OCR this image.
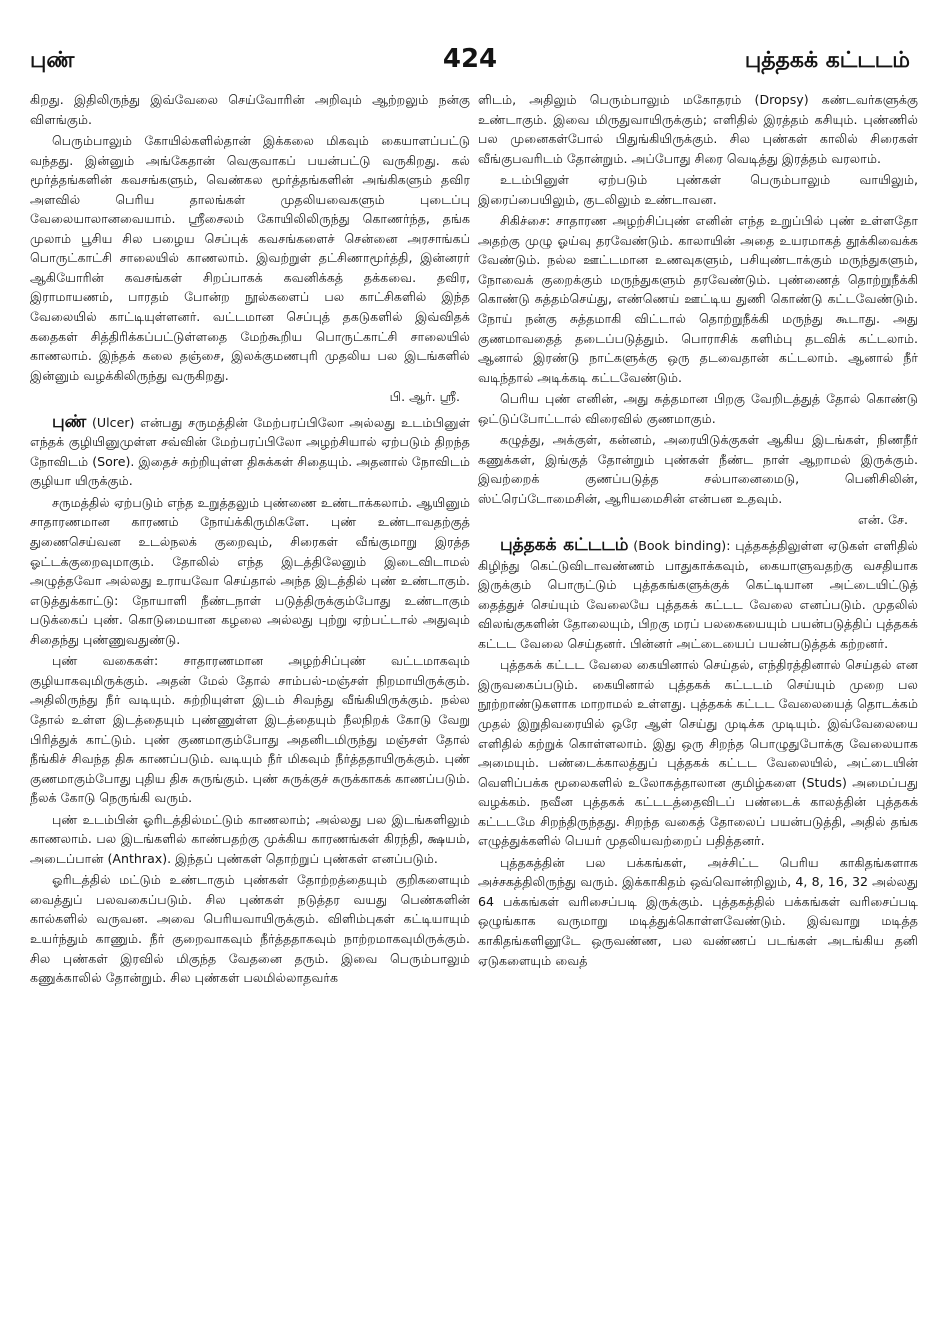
புண்	424	புத்தகக் கட்டடம்

கிறது. இதிலிருந்து இவ்வேலை செய்வோரின் அறிவும் ஆற்றலும் நன்கு விளங்கும்.

பெரும்பாலும் கோயில்களில்தான் இக்கலை மிகவும் கையாளப்பட்டு வந்தது. இன்னும் அங்கேதான் வெகுவாகப் பயன்பட்டு வருகிறது. கல் மூர்த்தங்களின் கவசங்களும், வெண்கல மூர்த்தங்களின் அங்கிகளும் தவிர அளவில் பெரிய தாலங்கள் முதலியவைகளும் புடைப்பு வேலையாலானவையாம். ஸ்ரீசைலம் கோயிலிலிருந்து கொணர்ந்த, தங்க முலாம் பூசிய சில பழைய செப்புக் கவசங்களைச் சென்னை அரசாங்கப் பொருட்காட்சி சாலையில் காணலாம். இவற்றுள் தட்சிணாமூர்த்தி, இன்னரர் ஆகியோரின் கவசங்கள் சிறப்பாகக் கவனிக்கத் தக்கவை. தவிர, இராமாயணம், பாரதம் போன்ற நூல்களைப் பல காட்சிகளில் இந்த வேலையில் காட்டியுள்ளனர். வட்டமான செப்புத் தகடுகளில் இவ்விதக் கதைகள் சித்திரிக்கப்பட்டுள்ளதை மேற்கூறிய பொருட்காட்சி சாலையில் காணலாம். இந்தக் கலை தஞ்சை, இலக்குமணபுரி முதலிய பல இடங்களில் இன்னும் வழக்கிலிருந்து வருகிறது.

பி. ஆர். ஸ்ரீ.

புண் (Ulcer) என்பது சருமத்தின் மேற்பரப்பிலோ அல்லது உடம்பினுள் எந்தக் குழியினுமுள்ள சவ்வின் மேற்பரப்பிலோ அழற்சியால் ஏற்படும் திறந்த நோவிடம் (Sore). இதைச் சுற்றியுள்ள திசுக்கள் சிதையும். அதனால் நோவிடம் குழியா யிருக்கும்.

சருமத்தில் ஏற்படும் எந்த உறுத்தலும் புண்ணை உண்டாக்கலாம். ஆயினும் சாதாரணமான காரணம் நோய்க்கிருமிகளே. புண் உண்டாவதற்குத் துணைசெய்வன உடல்நலக் குறைவும், சிரைகள் வீங்குமாறு இரத்த ஓட்டக்குறைவுமாகும். தோலில் எந்த இடத்திலேனும் இடைவிடாமல் அழுத்தவோ அல்லது உராயவோ செய்தால் அந்த இடத்தில் புண் உண்டாகும். எடுத்துக்காட்டு: நோயாளி நீண்டநாள் படுத்திருக்கும்போது உண்டாகும் படுக்கைப் புண். கொடுமையான கழலை அல்லது புற்று ஏற்பட்டால் அதுவும் சிதைந்து புண்ணுவதுண்டு.

புண் வகைகள்: சாதாரணமான அழற்சிப்புண் வட்டமாகவும் குழியாகவுமிருக்கும். அதன் மேல் தோல் சாம்பல்-மஞ்சள் நிறமாயிருக்கும். அதிலிருந்து நீர் வடியும். சுற்றியுள்ள இடம் சிவந்து வீங்கியிருக்கும். நல்ல தோல் உள்ள இடத்தையும் புண்ணுள்ள இடத்தையும் நீலநிறக் கோடு வேறு பிரித்துக் காட்டும். புண் குணமாகும்போது அதனிடமிருந்து மஞ்சள் தோல் நீங்கிச் சிவந்த திசு காணப்படும். வடியும் நீர் மிகவும் நீர்த்ததாயிருக்கும். புண் குணமாகும்போது புதிய திசு சுருங்கும். புண் சுருக்குச் சுருக்காகக் காணப்படும். நீலக் கோடு நெருங்கி வரும்.

புண் உடம்பின் ஓரிடத்தில்மட்டும் காணலாம்; அல்லது பல இடங்களிலும் காணலாம். பல இடங்களில் காண்பதற்கு முக்கிய காரணங்கள் கிரந்தி, க்ஷயம், அடைப்பான் (Anthrax). இந்தப் புண்கள் தொற்றுப் புண்கள் எனப்படும்.

ஓரிடத்தில் மட்டும் உண்டாகும் புண்கள் தோற்றத்தையும் குறிகளையும் வைத்துப் பலவகைப்படும். சில புண்கள் நடுத்தர வயது பெண்களின் கால்களில் வருவன. அவை பெரியவாயிருக்கும். விளிம்புகள் கட்டியாயும் உயர்ந்தும் காணும். நீர் குறைவாகவும் நீர்த்ததாகவும் நாற்றமாகவுமிருக்கும். சில புண்கள் இரவில் மிகுந்த வேதனை தரும். இவை பெரும்பாலும் கணுக்காலில் தோன்றும். சில புண்கள் பலமில்லாதவர்க

ளிடம், அதிலும் பெரும்பாலும் மகோதரம் (Dropsy) கண்டவர்களுக்கு உண்டாகும். இவை மிருதுவாயிருக்கும்; எளிதில் இரத்தம் கசியும். புண்ணில் பல முனைகள்போல் பிதுங்கியிருக்கும். சில புண்கள் காலில் சிரைகள் வீங்குபவரிடம் தோன்றும். அப்போது சிரை வெடித்து இரத்தம் வரலாம்.

உடம்பினுள் ஏற்படும் புண்கள் பெரும்பாலும் வாயிலும், இரைப்பையிலும், குடலிலும் உண்டாவன.

சிகிச்சை: சாதாரண அழற்சிப்புண் எனின் எந்த உறுப்பில் புண் உள்ளதோ அதற்கு முழு ஓய்வு தரவேண்டும். காலாயின் அதை உயரமாகத் தூக்கிவைக்க வேண்டும். நல்ல ஊட்டமான உணவுகளும், பசியுண்டாக்கும் மருந்துகளும், நோவைக் குறைக்கும் மருந்துகளும் தரவேண்டும். புண்ணைத் தொற்றுநீக்கி கொண்டு சுத்தம்செய்து, எண்ணெய் ஊட்டிய துணி கொண்டு கட்டவேண்டும். நோய் நன்கு சுத்தமாகி விட்டால் தொற்றுநீக்கி மருந்து கூடாது. அது குணமாவதைத் தடைப்படுத்தும். பொராசிக் களிம்பு தடவிக் கட்டலாம். ஆனால் இரண்டு நாட்களுக்கு ஒரு தடவைதான் கட்டலாம். ஆனால் நீர் வடிந்தால் அடிக்கடி கட்டவேண்டும்.

பெரிய புண் எனின், அது சுத்தமான பிறகு வேறிடத்துத் தோல் கொண்டு ஒட்டுப்போட்டால் விரைவில் குணமாகும்.

கழுத்து, அக்குள், கன்னம், அரையிடுக்குகள் ஆகிய இடங்கள், நிணநீர் கணுக்கள், இங்குத் தோன்றும் புண்கள் நீண்ட நாள் ஆறாமல் இருக்கும். இவற்றைக் குணப்படுத்த சல்பானைமைடு, பெனிசிலின், ஸ்ட்ரெப்டோமைசின், ஆரியமைசின் என்பன உதவும்.

என். சே.

புத்தகக் கட்டடம் (Book binding): புத்தகத்திலுள்ள ஏடுகள் எளிதில் கிழிந்து கெட்டுவிடாவண்ணம் பாதுகாக்கவும், கையாளுவதற்கு வசதியாக இருக்கும் பொருட்டும் புத்தகங்களுக்குக் கெட்டியான அட்டையிட்டுத் தைத்துச் செய்யும் வேலையே புத்தகக் கட்டட வேலை எனப்படும். முதலில் விலங்குகளின் தோலையும், பிறகு மரப் பலகையையும் பயன்படுத்திப் புத்தகக் கட்டட வேலை செய்தனர். பின்னர் அட்டையைப் பயன்படுத்தக் கற்றனர்.

புத்தகக் கட்டட வேலை கையினால் செய்தல், எந்திரத்தினால் செய்தல் என இருவகைப்படும். கையினால் புத்தகக் கட்டடம் செய்யும் முறை பல நூற்றாண்டுகளாக மாறாமல் உள்ளது. புத்தகக் கட்டட வேலையைத் தொடக்கம் முதல் இறுதிவரையில் ஒரே ஆள் செய்து முடிக்க முடியும். இவ்வேலையை எளிதில் கற்றுக் கொள்ளலாம். இது ஒரு சிறந்த பொழுதுபோக்கு வேலையாக அமையும். பண்டைக்காலத்துப் புத்தகக் கட்டட வேலையில், அட்டையின் வெளிப்பக்க மூலைகளில் உலோகத்தாலான குமிழ்களை (Studs) அமைப்பது வழக்கம். நவீன புத்தகக் கட்டடத்தைவிடப் பண்டைக் காலத்தின் புத்தகக் கட்டடமே சிறந்திருந்தது. சிறந்த வகைத் தோலைப் பயன்படுத்தி, அதில் தங்க எழுத்துக்களில் பெயர் முதலியவற்றைப் பதித்தனர்.

புத்தகத்தின் பல பக்கங்கள், அச்சிட்ட பெரிய காகிதங்களாக அச்சகத்திலிருந்து வரும். இக்காகிதம் ஒவ்வொன்றிலும், 4, 8, 16, 32 அல்லது 64 பக்கங்கள் வரிசைப்படி இருக்கும். புத்தகத்தில் பக்கங்கள் வரிசைப்படி ஒழுங்காக வருமாறு மடித்துக்கொள்ளவேண்டும். இவ்வாறு மடித்த காகிதங்களினூடே ஒருவண்ண, பல வண்ணப் படங்கள் அடங்கிய தனி ஏடுகளையும் வைத்
